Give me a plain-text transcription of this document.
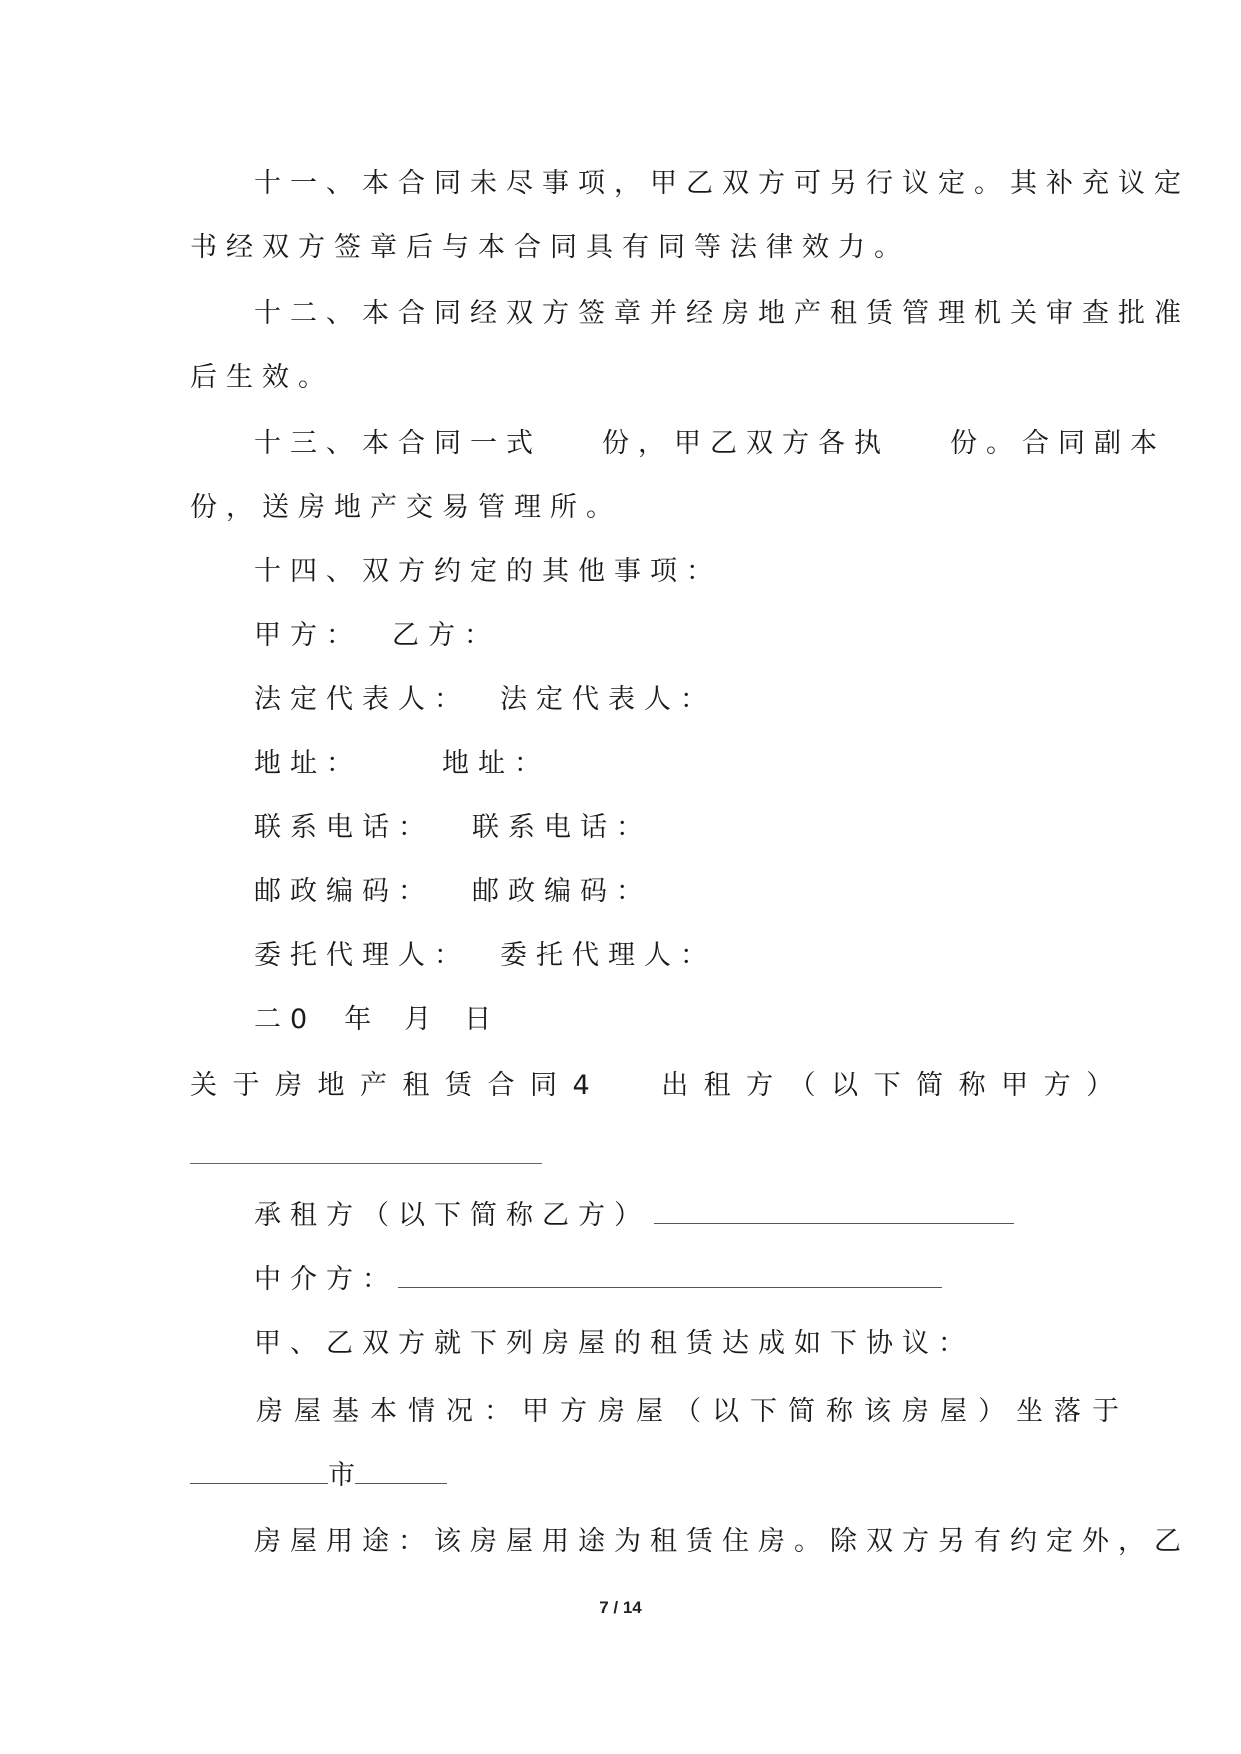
十一、本合同未尽事项，甲乙双方可另行议定。其补充议定
书经双方签章后与本合同具有同等法律效力。
十二、本合同经双方签章并经房地产租赁管理机关审查批准
后生效。
十三、本合同一式 份，甲乙双方各执 份。合同副本
份，送房地产交易管理所。
十四、双方约定的其他事项：
甲方： 乙方：
法定代表人： 法定代表人：
地址：	地址：
联系电话： 联系电话：
邮政编码： 邮政编码：
委托代理人： 委托代理人：
二0 年 月 日
关于房地产租赁合同4 出租方（以下简称甲方）
承租方（以下简称乙方）
中介方：
甲、乙双方就下列房屋的租赁达成如下协议：
房屋基本情况：甲方房屋（以下简称该房屋）坐落于
市
房屋用途：该房屋用途为租赁住房。除双方另有约定外，乙
7 / 14
